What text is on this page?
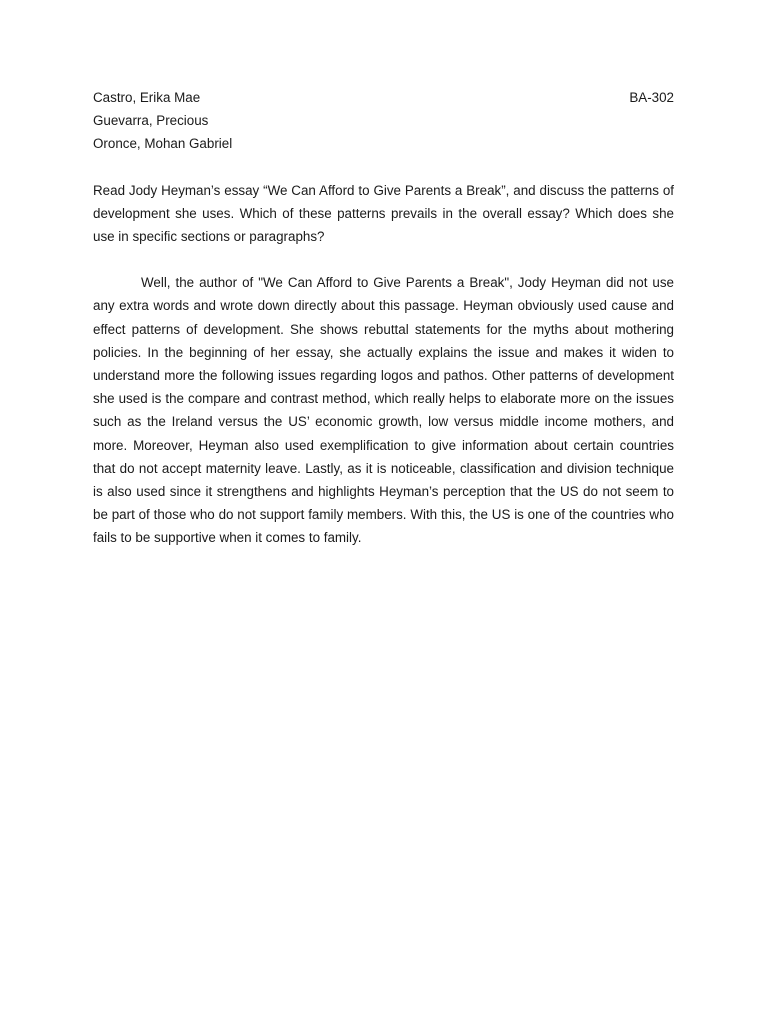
Castro, Erika Mae	BA-302
Guevarra, Precious
Oronce, Mohan Gabriel

Read Jody Heyman’s essay “We Can Afford to Give Parents a Break”, and discuss the patterns of development she uses. Which of these patterns prevails in the overall essay? Which does she use in specific sections or paragraphs?

Well, the author of "We Can Afford to Give Parents a Break", Jody Heyman did not use any extra words and wrote down directly about this passage. Heyman obviously used cause and effect patterns of development. She shows rebuttal statements for the myths about mothering policies. In the beginning of her essay, she actually explains the issue and makes it widen to understand more the following issues regarding logos and pathos. Other patterns of development she used is the compare and contrast method, which really helps to elaborate more on the issues such as the Ireland versus the US’ economic growth, low versus middle income mothers, and more. Moreover, Heyman also used exemplification to give information about certain countries that do not accept maternity leave. Lastly, as it is noticeable, classification and division technique is also used since it strengthens and highlights Heyman’s perception that the US do not seem to be part of those who do not support family members. With this, the US is one of the countries who fails to be supportive when it comes to family.
